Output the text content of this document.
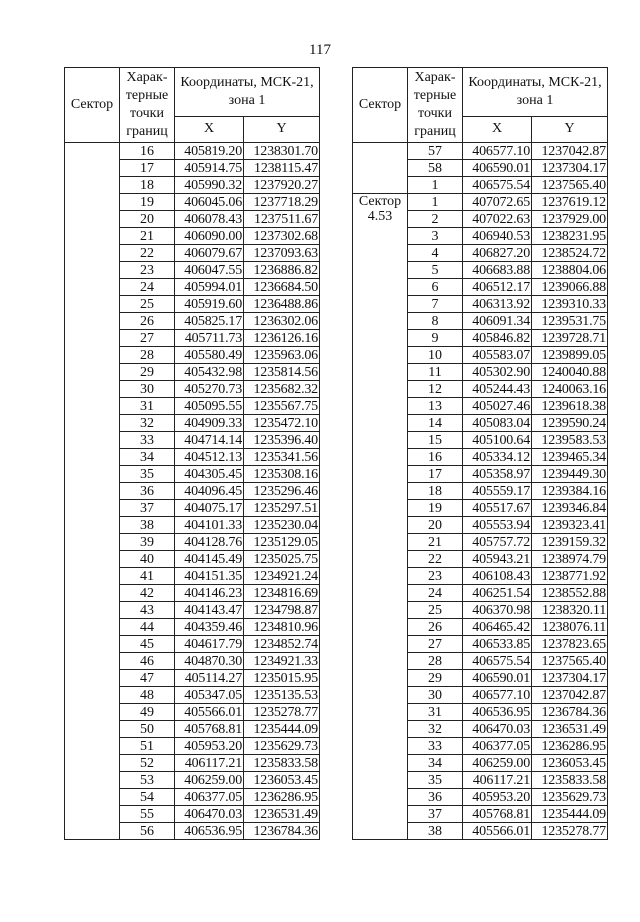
117
Сектор	Харак-терные точки границ	Координаты, МСК-21, зона 1	
		X	Y
	16	405819.20	1238301.70
	17	405914.75	1238115.47
	18	405990.32	1237920.27
	19	406045.06	1237718.29
	20	406078.43	1237511.67
	21	406090.00	1237302.68
	22	406079.67	1237093.63
	23	406047.55	1236886.82
	24	405994.01	1236684.50
	25	405919.60	1236488.86
	26	405825.17	1236302.06
	27	405711.73	1236126.16
	28	405580.49	1235963.06
	29	405432.98	1235814.56
	30	405270.73	1235682.32
	31	405095.55	1235567.75
	32	404909.33	1235472.10
	33	404714.14	1235396.40
	34	404512.13	1235341.56
	35	404305.45	1235308.16
	36	404096.45	1235296.46
	37	404075.17	1235297.51
	38	404101.33	1235230.04
	39	404128.76	1235129.05
	40	404145.49	1235025.75
	41	404151.35	1234921.24
	42	404146.23	1234816.69
	43	404143.47	1234798.87
	44	404359.46	1234810.96
	45	404617.79	1234852.74
	46	404870.30	1234921.33
	47	405114.27	1235015.95
	48	405347.05	1235135.53
	49	405566.01	1235278.77
	50	405768.81	1235444.09
	51	405953.20	1235629.73
	52	406117.21	1235833.58
	53	406259.00	1236053.45
	54	406377.05	1236286.95
	55	406470.03	1236531.49
	56	406536.95	1236784.36
Сектор	Харак-терные точки границ	Координаты, МСК-21, зона 1	
		X	Y
	57	406577.10	1237042.87
	58	406590.01	1237304.17
	1	406575.54	1237565.40
Сектор 4.53	1	407072.65	1237619.12
	2	407022.63	1237929.00
	3	406940.53	1238231.95
	4	406827.20	1238524.72
	5	406683.88	1238804.06
	6	406512.17	1239066.88
	7	406313.92	1239310.33
	8	406091.34	1239531.75
	9	405846.82	1239728.71
	10	405583.07	1239899.05
	11	405302.90	1240040.88
	12	405244.43	1240063.16
	13	405027.46	1239618.38
	14	405083.04	1239590.24
	15	405100.64	1239583.53
	16	405334.12	1239465.34
	17	405358.97	1239449.30
	18	405559.17	1239384.16
	19	405517.67	1239346.84
	20	405553.94	1239323.41
	21	405757.72	1239159.32
	22	405943.21	1238974.79
	23	406108.43	1238771.92
	24	406251.54	1238552.88
	25	406370.98	1238320.11
	26	406465.42	1238076.11
	27	406533.85	1237823.65
	28	406575.54	1237565.40
	29	406590.01	1237304.17
	30	406577.10	1237042.87
	31	406536.95	1236784.36
	32	406470.03	1236531.49
	33	406377.05	1236286.95
	34	406259.00	1236053.45
	35	406117.21	1235833.58
	36	405953.20	1235629.73
	37	405768.81	1235444.09
	38	405566.01	1235278.77
